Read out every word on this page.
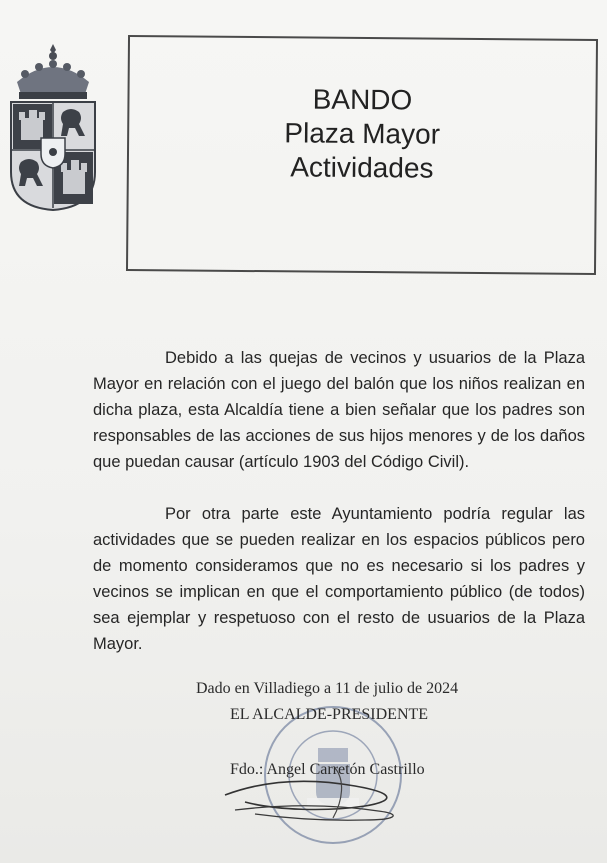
BANDO
Plaza Mayor
Actividades

Debido a las quejas de vecinos y usuarios de la Plaza Mayor en relación con el juego del balón que los niños realizan en dicha plaza, esta Alcaldía tiene a bien señalar que los padres son responsables de las acciones de sus hijos menores y de los daños que puedan causar (artículo 1903 del Código Civil).

Por otra parte este Ayuntamiento podría regular las actividades que se pueden realizar en los espacios públicos pero de momento consideramos que no es necesario si los padres y vecinos se implican en que el comportamiento público (de todos) sea ejemplar y respetuoso con el resto de usuarios de la Plaza Mayor.

Dado en Villadiego a 11 de julio de 2024
EL ALCALDE-PRESIDENTE
Fdo.: Angel Carretón Castrillo
